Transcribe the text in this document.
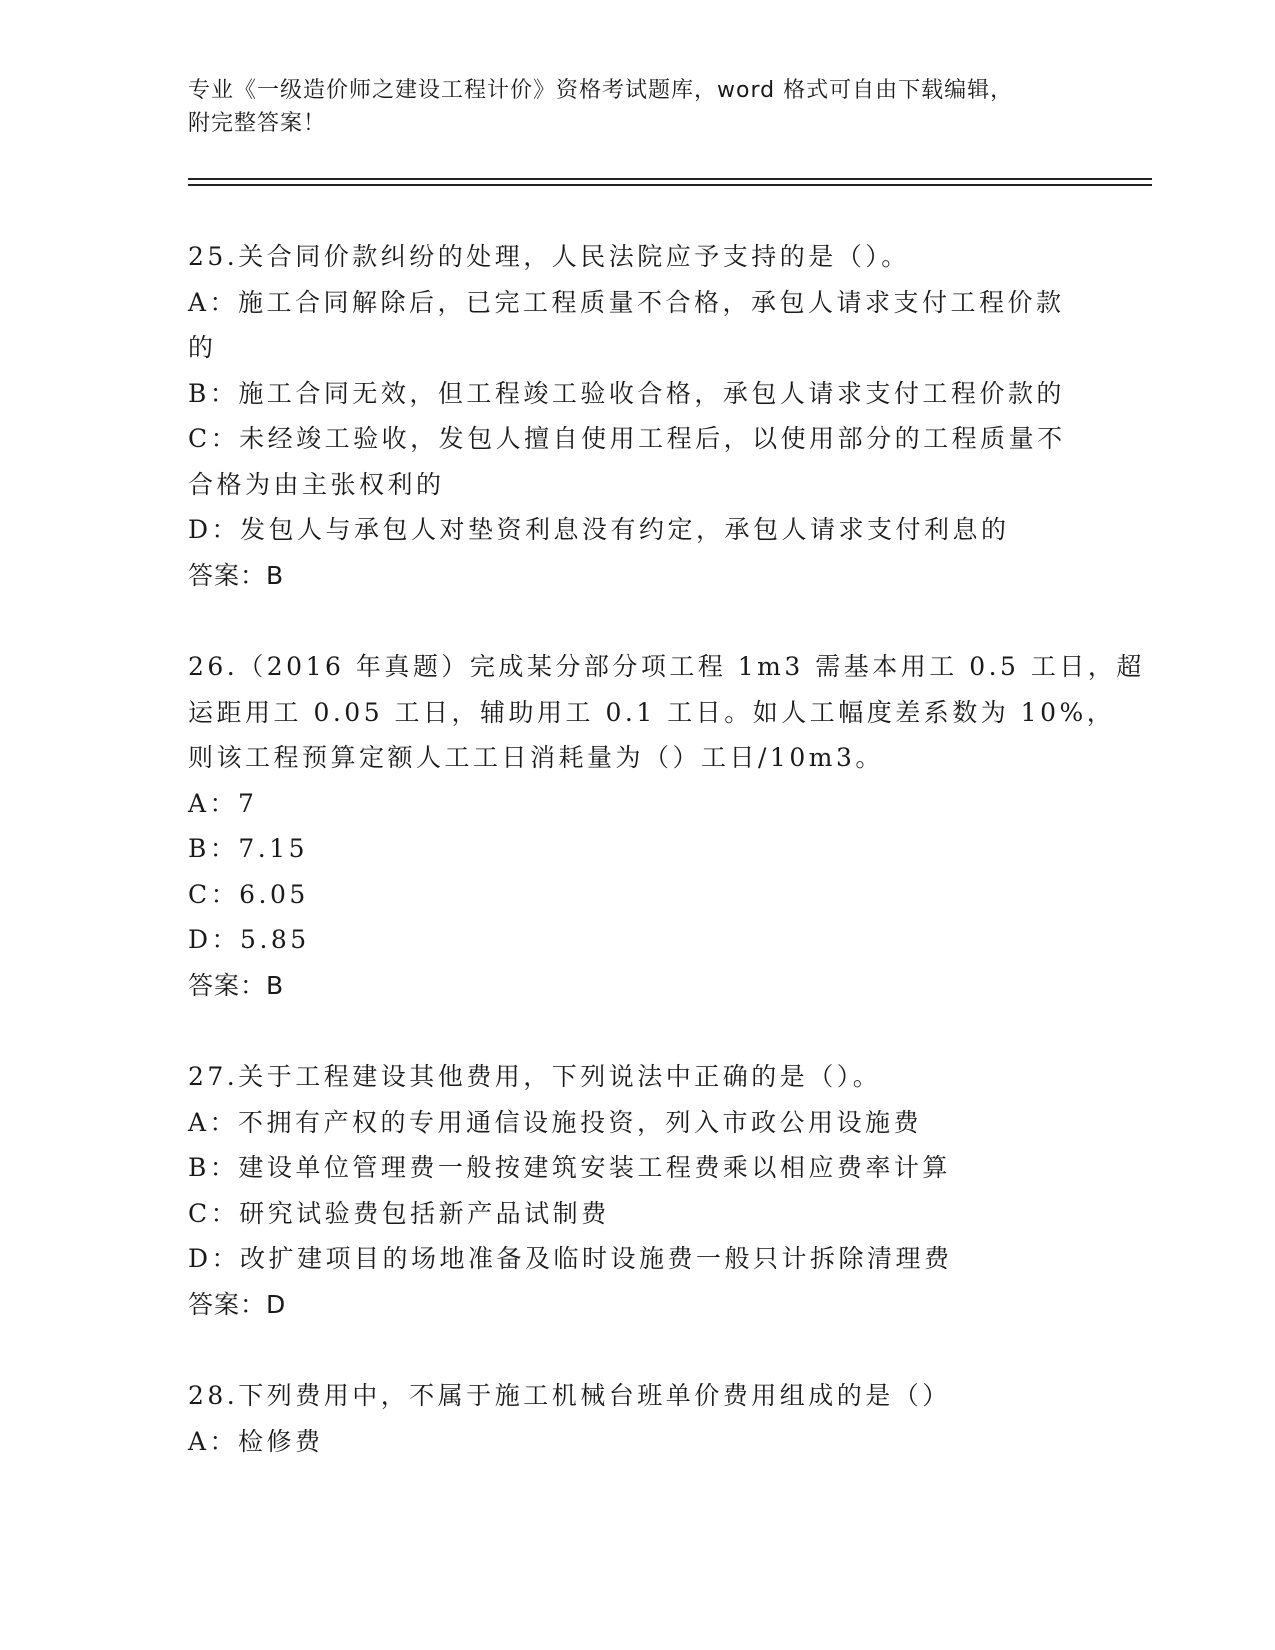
专业《一级造价师之建设工程计价》资格考试题库，word 格式可自由下载编辑，
附完整答案！
25.关合同价款纠纷的处理，人民法院应予支持的是（）。
A：施工合同解除后，已完工程质量不合格，承包人请求支付工程价款
的
B：施工合同无效，但工程竣工验收合格，承包人请求支付工程价款的
C：未经竣工验收，发包人擅自使用工程后，以使用部分的工程质量不
合格为由主张权利的
D：发包人与承包人对垫资利息没有约定，承包人请求支付利息的
答案：B
26.（2016 年真题）完成某分部分项工程 1m3 需基本用工 0.5 工日，超
运距用工 0.05 工日，辅助用工 0.1 工日。如人工幅度差系数为 10%，
则该工程预算定额人工工日消耗量为（）工日/10m3。
A：7
B：7.15
C：6.05
D：5.85
答案：B
27.关于工程建设其他费用，下列说法中正确的是（）。
A：不拥有产权的专用通信设施投资，列入市政公用设施费
B：建设单位管理费一般按建筑安装工程费乘以相应费率计算
C：研究试验费包括新产品试制费
D：改扩建项目的场地准备及临时设施费一般只计拆除清理费
答案：D
28.下列费用中，不属于施工机械台班单价费用组成的是（）
A：检修费
